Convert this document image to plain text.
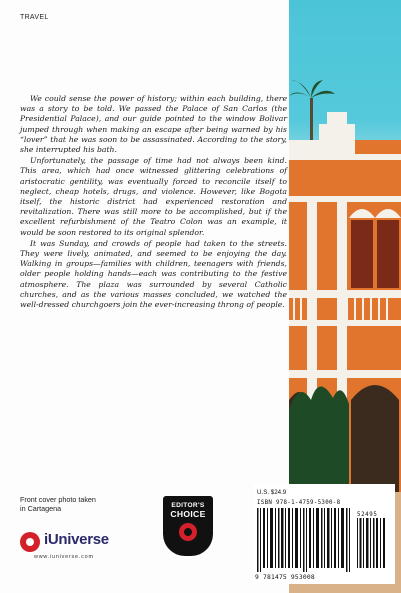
TRAVEL

We could sense the power of history; within each building, there was a story to be told. We passed the Palace of San Carlos (the Presidential Palace), and our guide pointed to the window Bolivar jumped through when making an escape after being warned by his “lover” that he was soon to be assassinated. According to the story, she interrupted his bath.

Unfortunately, the passage of time had not always been kind. This area, which had once witnessed glittering celebrations of aristocratic gentility, was eventually forced to reconcile itself to neglect, cheap hotels, drugs, and violence. However, like Bogota itself, the historic district had experienced restoration and revitalization. There was still more to be accomplished, but if the excellent refurbishment of the Teatro Colon was an example, it would be soon restored to its original splendor.

It was Sunday, and crowds of people had taken to the streets. They were lively, animated, and seemed to be enjoying the day. Walking in groups—families with children, teenagers with friends, older people holding hands—each was contributing to the festive atmosphere. The plaza was surrounded by several Catholic churches, and as the various masses concluded, we watched the well-dressed churchgoers join the ever-increasing throng of people.

Front cover photo taken
in Cartagena
iUniverse
www.iuniverse.com
EDITOR'S
CHOICE
U.S. $24.9
ISBN 978-1-4759-5300-8
52495
9 781475 953008
